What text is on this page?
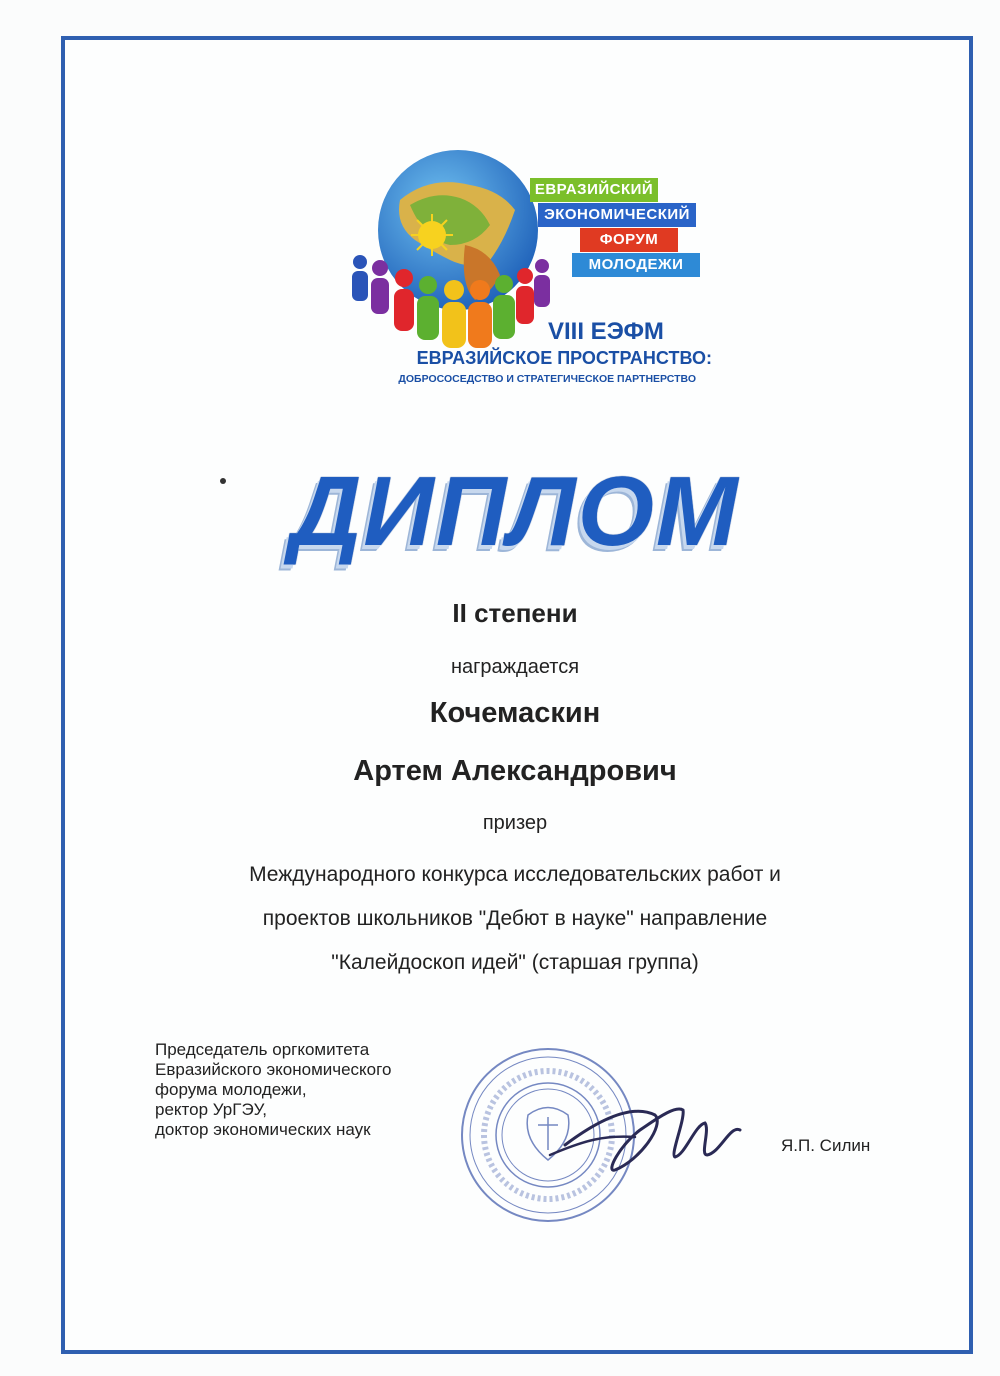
ЕВРАЗИЙСКИЙ
ЭКОНОМИЧЕСКИЙ
ФОРУМ
МОЛОДЕЖИ
VIII ЕЭФМ
ЕВРАЗИЙСКОЕ ПРОСТРАНСТВО:
ДОБРОСОСЕДСТВО И СТРАТЕГИЧЕСКОЕ ПАРТНЕРСТВО
ДИПЛОМ
II степени
награждается
Кочемаскин
Артем Александрович
призер
Международного конкурса исследовательских работ и
проектов школьников "Дебют в науке" направление
"Калейдоскоп идей" (старшая группа)
Председатель оргкомитета
Евразийского экономического
форума молодежи,
ректор УрГЭУ,
доктор экономических наук
Я.П. Силин
